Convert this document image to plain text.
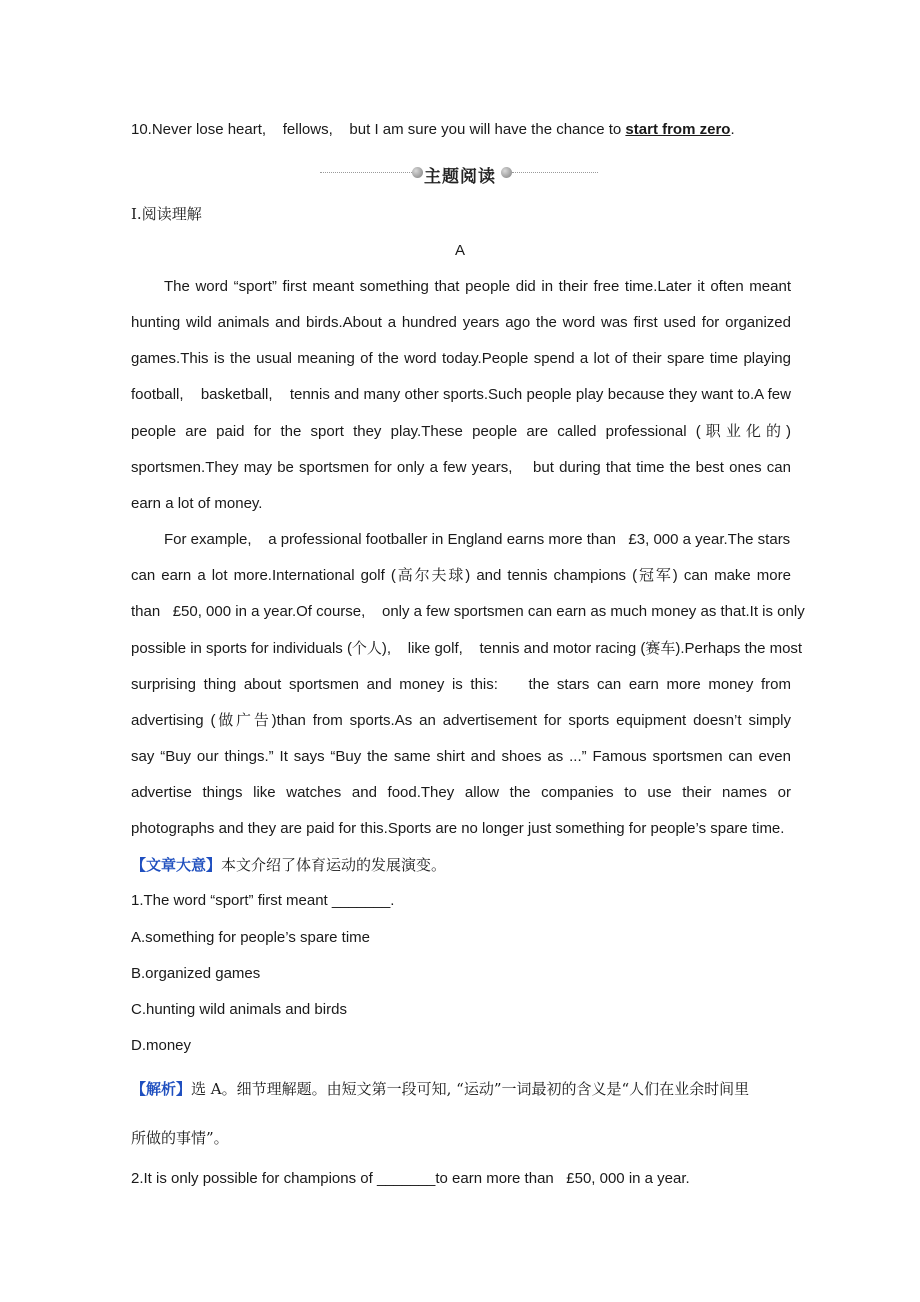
10.Never lose heart,    fellows,    but I am sure you will have the chance to start from zero.
主题阅读
Ⅰ.阅读理解
A
The word “sport” first meant something that people did in their free time.Later it often meant
hunting wild animals and birds.About a hundred years ago the word was first used for organized
games.This is the usual meaning of the word today.People spend a lot of their spare time playing
football,    basketball,    tennis and many other sports.Such people play because they want to.A few
people are paid for the sport they play.These people are called professional (职业化的)
sportsmen.They may be sportsmen for only a few years,    but during that time the best ones can
earn a lot of money.
For example,    a professional footballer in England earns more than   £3, 000 a year.The stars
can earn a lot more.International golf (高尔夫球) and tennis champions (冠军) can make more
than   £50, 000 in a year.Of course,    only a few sportsmen can earn as much money as that.It is only
possible in sports for individuals (个人),    like golf,    tennis and motor racing (赛车).Perhaps the most
surprising thing about sportsmen and money is this:    the stars can earn more money from
advertising (做广告)than from sports.As an advertisement for sports equipment doesn’t simply
say “Buy our things.” It says “Buy the same shirt and shoes as ...” Famous sportsmen can even
advertise things like watches and food.They allow the companies to use their names or
photographs and they are paid for this.Sports are no longer just something for people’s spare time.
【文章大意】本文介绍了体育运动的发展演变。
1.The word “sport” first meant _______.
A.something for people’s spare time
B.organized games
C.hunting wild animals and birds
D.money
【解析】选 A。细节理解题。由短文第一段可知, “运动”一词最初的含义是“人们在业余时间里
所做的事情”。
2.It is only possible for champions of _______to earn more than   £50, 000 in a year.
